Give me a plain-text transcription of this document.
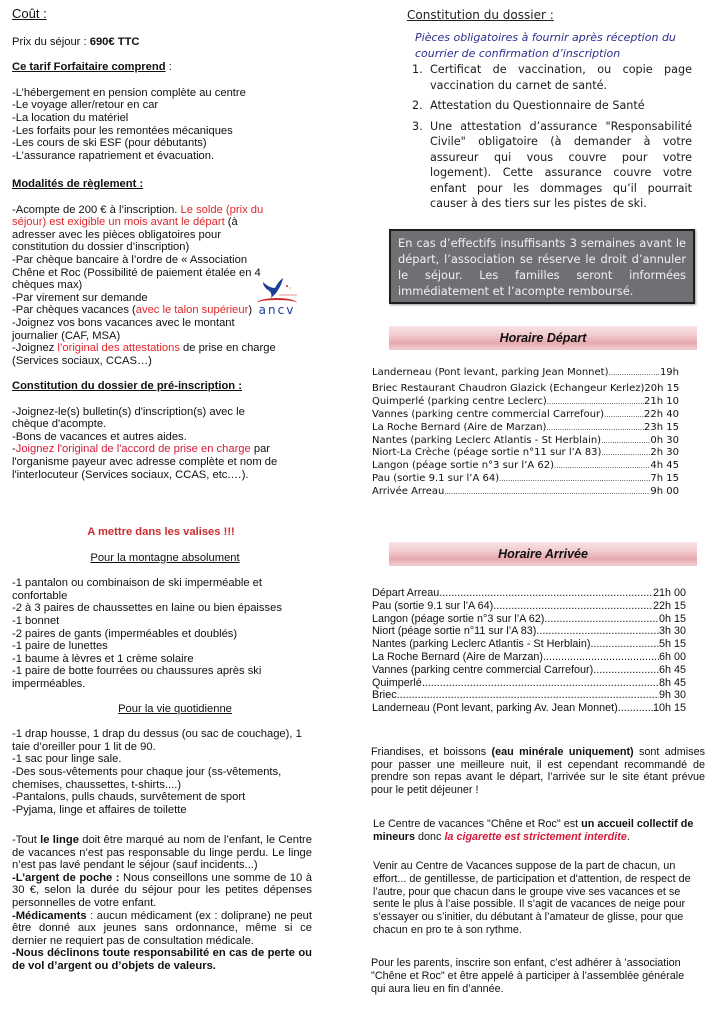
Coût :

Prix du séjour : 690€ TTC

Ce tarif Forfaitaire comprend :

-L’hébergement en pension complète au centre

-Le voyage aller/retour en car

-La location du matériel

-Les forfaits pour les remontées mécaniques

-Les cours de ski ESF (pour débutants)

-L’assurance rapatriement et évacuation.

Modalités de règlement :

-Acompte de 200 € à l’inscription. Le solde (prix du séjour) est exigible un mois avant le départ (à adresser avec les pièces obligatoires pour constitution du dossier d’inscription)

-Par chèque bancaire à l’ordre de « Association Chêne et Roc (Possibilité de paiement étalée en 4 chèques max)

-Par virement sur demande

-Par chèques vacances (avec le talon supérieur)

-Joignez vos bons vacances avec le montant journalier (CAF, MSA)

-Joignez l’original des attestations de prise en charge (Services sociaux, CCAS…)

ancv

Constitution du dossier de pré-inscription :

-Joignez-le(s) bulletin(s) d'inscription(s) avec le chèque d'acompte.

-Bons de vacances et autres aides.

-Joignez l'original de l'accord de prise en charge par l'organisme payeur avec adresse complète et nom de l'interlocuteur (Services sociaux, CCAS, etc.…).

A mettre dans les valises !!!

Pour la montagne absolument

-1 pantalon ou combinaison de ski imperméable et confortable

-2 à 3 paires de chaussettes en laine ou bien épaisses

-1 bonnet

-2 paires de gants (imperméables et doublés)

-1 paire de lunettes

-1 baume à lèvres et 1 crème solaire

-1 paire de botte fourrées ou chaussures après ski imperméables.

Pour la vie quotidienne

-1 drap housse, 1 drap du dessus (ou sac de couchage), 1 taie d’oreiller pour 1 lit de 90.

-1 sac pour linge sale.

-Des sous-vêtements pour chaque jour (ss-vêtements, chemises, chaussettes, t-shirts....)

-Pantalons, pulls chauds, survêtement de sport

-Pyjama, linge et affaires de toilette

-Tout le linge doit être marqué au nom de l’enfant, le Centre de vacances n’est pas responsable du linge perdu. Le linge n’est pas lavé pendant le séjour (sauf incidents...)

-L’argent de poche : Nous conseillons une somme de 10 à 30 €, selon la durée du séjour pour les petites dépenses personnelles de votre enfant.

-Médicaments : aucun médicament (ex : doliprane) ne peut être donné aux jeunes sans ordonnance, même si ce dernier ne requiert pas de consultation médicale.

-Nous déclinons toute responsabilité en cas de perte ou de vol d’argent ou d’objets de valeurs.

Constitution du dossier :
Pièces obligatoires à fournir après réception du courrier de confirmation d’inscription
1. Certificat de vaccination, ou copie page vaccination du carnet de santé.
2. Attestation du Questionnaire de Santé
3. Une attestation d’assurance "Responsabilité Civile" obligatoire (à demander à votre assureur qui vous couvre pour votre logement). Cette assurance couvre votre enfant pour les dommages qu’il pourrait causer à des tiers sur les pistes de ski.
En cas d’effectifs insuffisants 3 semaines avant le départ, l’association se réserve le droit d’annuler le séjour. Les familles seront informées immédiatement et l’acompte remboursé.
Horaire Départ
Landerneau (Pont levant, parking Jean Monnet) .....	19h
Briec Restaurant Chaudron Glazick (Echangeur Kerlez) 20h 15
Quimperlé (parking centre Leclerc) .....	21h 10
Vannes (parking centre commercial Carrefour) .....	22h 40
La Roche Bernard (Aire de Marzan) .....	23h 15
Nantes (parking Leclerc Atlantis - St Herblain) .....	0h 30
Niort-La Crèche (péage sortie n°11 sur l’A 83) .....	2h 30
Langon (péage sortie n°3 sur l’A 62) .....	4h 45
Pau (sortie 9.1 sur l’A 64) .....	7h 15
Arrivée Arreau .....	9h 00
Horaire Arrivée
Départ Arreau .....	21h 00
Pau (sortie 9.1 sur l’A 64) .....	22h 15
Langon (péage sortie n°3 sur l’A 62) .....	0h 15
Niort (péage sortie n°11 sur l’A 83) .....	3h 30
Nantes (parking Leclerc Atlantis - St Herblain) .....	5h 15
La Roche Bernard (Aire de Marzan) .....	6h 00
Vannes (parking centre commercial Carrefour) .....	6h 45
Quimperlé .....	8h 45
Briec .....	9h 30
Landerneau (Pont levant, parking Av. Jean Monnet) .....	10h 15
Friandises, et boissons (eau minérale uniquement) sont admises pour passer une meilleure nuit, il est cependant recommandé de prendre son repas avant le départ, l’arrivée sur le site étant prévue pour le petit déjeuner !
Le Centre de vacances "Chêne et Roc" est un accueil collectif de mineurs donc la cigarette est strictement interdite.
Venir au Centre de Vacances suppose de la part de chacun, un effort... de gentillesse, de participation et d'attention, de respect de l’autre, pour que chacun dans le groupe vive ses vacances et se sente le plus à l’aise possible. Il s’agit de vacances de neige pour s’essayer ou s’initier, du débutant à l’amateur de glisse, pour que chacun en pro te à son rythme.
Pour les parents, inscrire son enfant, c’est adhérer à ’association "Chêne et Roc" et être appelé à participer à l’assemblée générale qui aura lieu en fin d’année.
